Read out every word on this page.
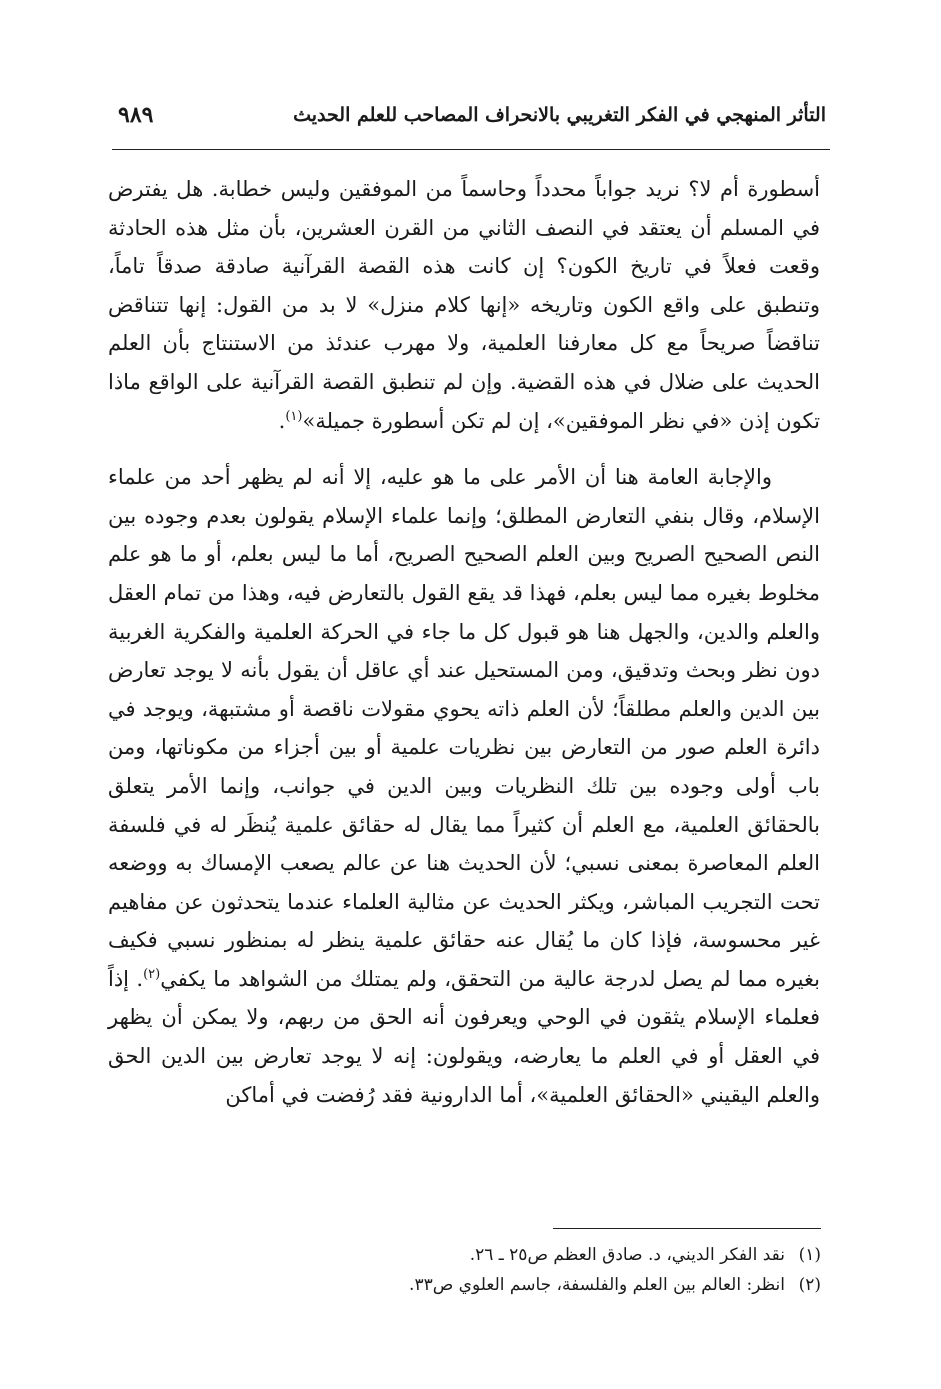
التأثر المنهجي في الفكر التغريبي بالانحراف المصاحب للعلم الحديث
٩٨٩

أسطورة أم لا؟ نريد جواباً محدداً وحاسماً من الموفقين وليس خطابة. هل يفترض في المسلم أن يعتقد في النصف الثاني من القرن العشرين، بأن مثل هذه الحادثة وقعت فعلاً في تاريخ الكون؟ إن كانت هذه القصة القرآنية صادقة صدقاً تاماً، وتنطبق على واقع الكون وتاريخه «إنها كلام منزل» لا بد من القول: إنها تتناقض تناقضاً صريحاً مع كل معارفنا العلمية، ولا مهرب عندئذ من الاستنتاج بأن العلم الحديث على ضلال في هذه القضية. وإن لم تنطبق القصة القرآنية على الواقع ماذا تكون إذن «في نظر الموفقين»، إن لم تكن أسطورة جميلة»$^{(١)}$.

والإجابة العامة هنا أن الأمر على ما هو عليه، إلا أنه لم يظهر أحد من علماء الإسلام، وقال بنفي التعارض المطلق؛ وإنما علماء الإسلام يقولون بعدم وجوده بين النص الصحيح الصريح وبين العلم الصحيح الصريح، أما ما ليس بعلم، أو ما هو علم مخلوط بغيره مما ليس بعلم، فهذا قد يقع القول بالتعارض فيه، وهذا من تمام العقل والعلم والدين، والجهل هنا هو قبول كل ما جاء في الحركة العلمية والفكرية الغربية دون نظر وبحث وتدقيق، ومن المستحيل عند أي عاقل أن يقول بأنه لا يوجد تعارض بين الدين والعلم مطلقاً؛ لأن العلم ذاته يحوي مقولات ناقصة أو مشتبهة، ويوجد في دائرة العلم صور من التعارض بين نظريات علمية أو بين أجزاء من مكوناتها، ومن باب أولى وجوده بين تلك النظريات وبين الدين في جوانب، وإنما الأمر يتعلق بالحقائق العلمية، مع العلم أن كثيراً مما يقال له حقائق علمية يُنظَر له في فلسفة العلم المعاصرة بمعنى نسبي؛ لأن الحديث هنا عن عالم يصعب الإمساك به ووضعه تحت التجريب المباشر، ويكثر الحديث عن مثالية العلماء عندما يتحدثون عن مفاهيم غير محسوسة، فإذا كان ما يُقال عنه حقائق علمية ينظر له بمنظور نسبي فكيف بغيره مما لم يصل لدرجة عالية من التحقق، ولم يمتلك من الشواهد ما يكفي$^{(٢)}$. إذاً فعلماء الإسلام يثقون في الوحي ويعرفون أنه الحق من ربهم، ولا يمكن أن يظهر في العقل أو في العلم ما يعارضه، ويقولون: إنه لا يوجد تعارض بين الدين الحق والعلم اليقيني «الحقائق العلمية»، أما الدارونية فقد رُفضت في أماكن

(١)نقد الفكر الديني، د. صادق العظم ص٢٥ ـ ٢٦.

(٢)انظر: العالم بين العلم والفلسفة، جاسم العلوي ص٣٣.
